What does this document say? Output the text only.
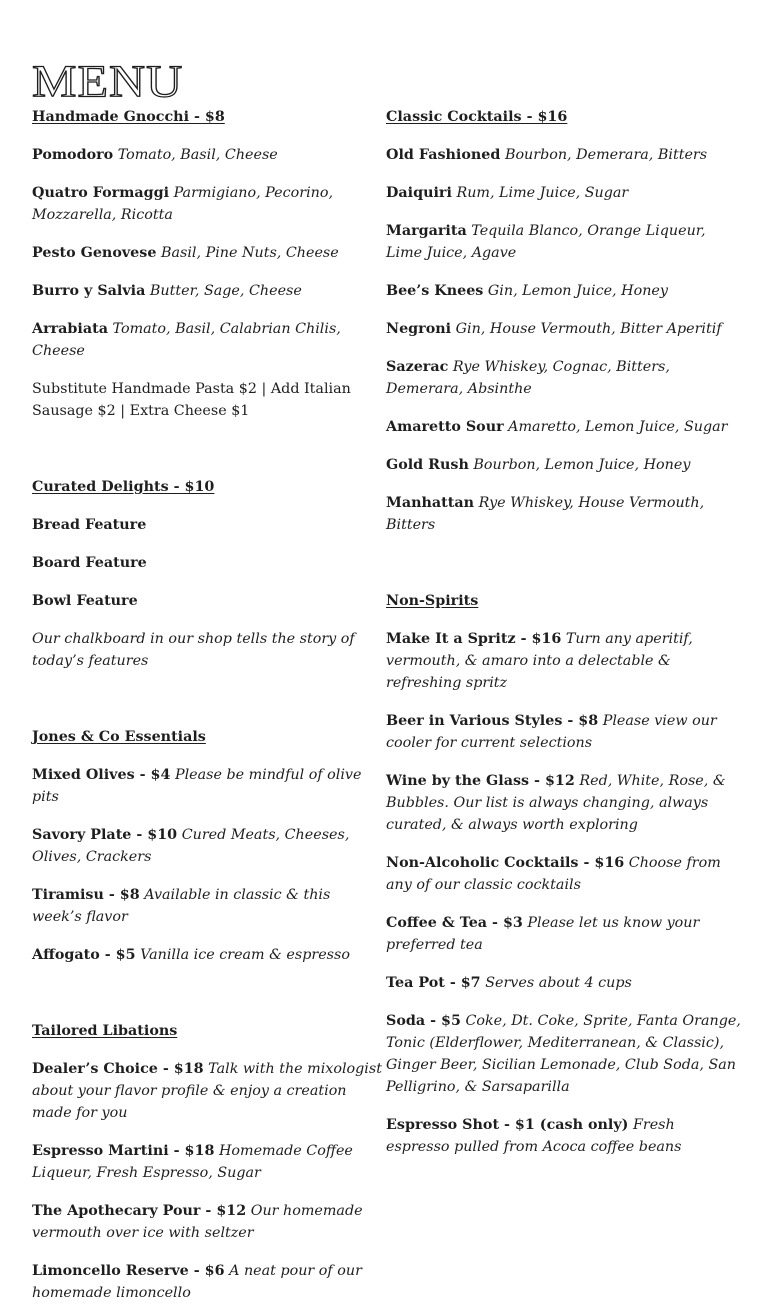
MENU
Handmade Gnocchi - $8
Pomodoro Tomato, Basil, Cheese
Quatro Formaggi Parmigiano, Pecorino, Mozzarella, Ricotta
Pesto Genovese Basil, Pine Nuts, Cheese
Burro y Salvia Butter, Sage, Cheese
Arrabiata Tomato, Basil, Calabrian Chilis, Cheese
Substitute Handmade Pasta $2 | Add Italian Sausage $2 | Extra Cheese $1
Curated Delights - $10
Bread Feature
Board Feature
Bowl Feature
Our chalkboard in our shop tells the story of today’s features
Jones & Co Essentials
Mixed Olives - $4 Please be mindful of olive pits
Savory Plate - $10 Cured Meats, Cheeses, Olives, Crackers
Tiramisu - $8 Available in classic & this week’s flavor
Affogato - $5 Vanilla ice cream & espresso
Tailored Libations
Dealer’s Choice - $18 Talk with the mixologist about your flavor profile & enjoy a creation made for you
Espresso Martini - $18 Homemade Coffee Liqueur, Fresh Espresso, Sugar
The Apothecary Pour - $12 Our homemade vermouth over ice with seltzer
Limoncello Reserve - $6 A neat pour of our homemade limoncello
Classic Cocktails - $16
Old Fashioned Bourbon, Demerara, Bitters
Daiquiri Rum, Lime Juice, Sugar
Margarita Tequila Blanco, Orange Liqueur, Lime Juice, Agave
Bee’s Knees Gin, Lemon Juice, Honey
Negroni Gin, House Vermouth, Bitter Aperitif
Sazerac Rye Whiskey, Cognac, Bitters, Demerara, Absinthe
Amaretto Sour Amaretto, Lemon Juice, Sugar
Gold Rush Bourbon, Lemon Juice, Honey
Manhattan Rye Whiskey, House Vermouth, Bitters
Non-Spirits
Make It a Spritz - $16 Turn any aperitif, vermouth, & amaro into a delectable & refreshing spritz
Beer in Various Styles - $8 Please view our cooler for current selections
Wine by the Glass - $12 Red, White, Rose, & Bubbles. Our list is always changing, always curated, & always worth exploring
Non-Alcoholic Cocktails - $16 Choose from any of our classic cocktails
Coffee & Tea - $3 Please let us know your preferred tea
Tea Pot - $7 Serves about 4 cups
Soda - $5 Coke, Dt. Coke, Sprite, Fanta Orange, Tonic (Elderflower, Mediterranean, & Classic), Ginger Beer, Sicilian Lemonade, Club Soda, San Pelligrino, & Sarsaparilla
Espresso Shot - $1 (cash only) Fresh espresso pulled from Acoca coffee beans
